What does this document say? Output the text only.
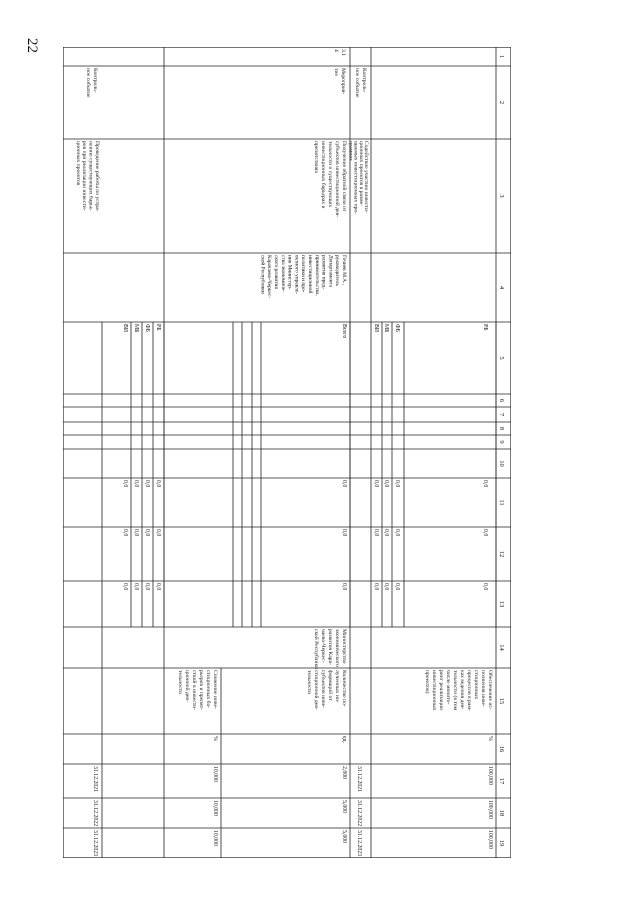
22
1
2
3
4
5
6
7
8
9
10
11
12
13
14
15
16
17
18
19
РБ
ФБ
МБ
ВИ
0,0
0,0
0,0
0,0
0,0
0,0
0,0
0,0
0,0
0,0
0,0
0,0
Обеспечение ис-
полнения инве-
стиционных
процессов в рам-
ках ведения дея-
тельности (в том
числе монито-
ринг реализации
инвестиционных
проектов)
%
100,000
100,000
100,000
Контроль-
ное событие
Содействие участию инвести-
ционных проектов в разме-
щаемых инвестиционных про-
граммах
31.12.2021
31.12.2022
31.12.2023
3.1
4
Мероприя-
тие
Получение обратной связи от
субъектов инвестиционной дея-
тельности о существующих
инвестиционных барьерах и
препятствиях
Гочиев М.А.,
руководитель
Департамента
развития пред-
принимательства,
инвестиционной
политики и про-
ектного управле-
ния Министер-
ства экономиче-
ского развития
Карачаево-Черкес-
ской Республики
Всего
РБ
ФБ
МБ
ВИ
0,0
0,0
0,0
0,0
0,0
0,0
0,0
0,0
0,0
0,0
0,0
0,0
0,0
0,0
0,0
Министерство
экономического
развития Кара-
чаево-Черкес-
ской Республики
Количество по-
лученных ин-
формаций от
субъектов инве-
стиционной дея-
тельности
ед.
2,000
5,000
5,000
Снижение инве-
стиционных ба-
рьеров и препят-
ствий в инвести-
ционной дея-
тельности
%
10,000
10,000
10,000
Контроль-
ное событие
Проведение работы по устра-
нению существующих барье-
ров при реализации инвести-
ционных проектов
31.12.2021
31.12.2022
31.12.2023
